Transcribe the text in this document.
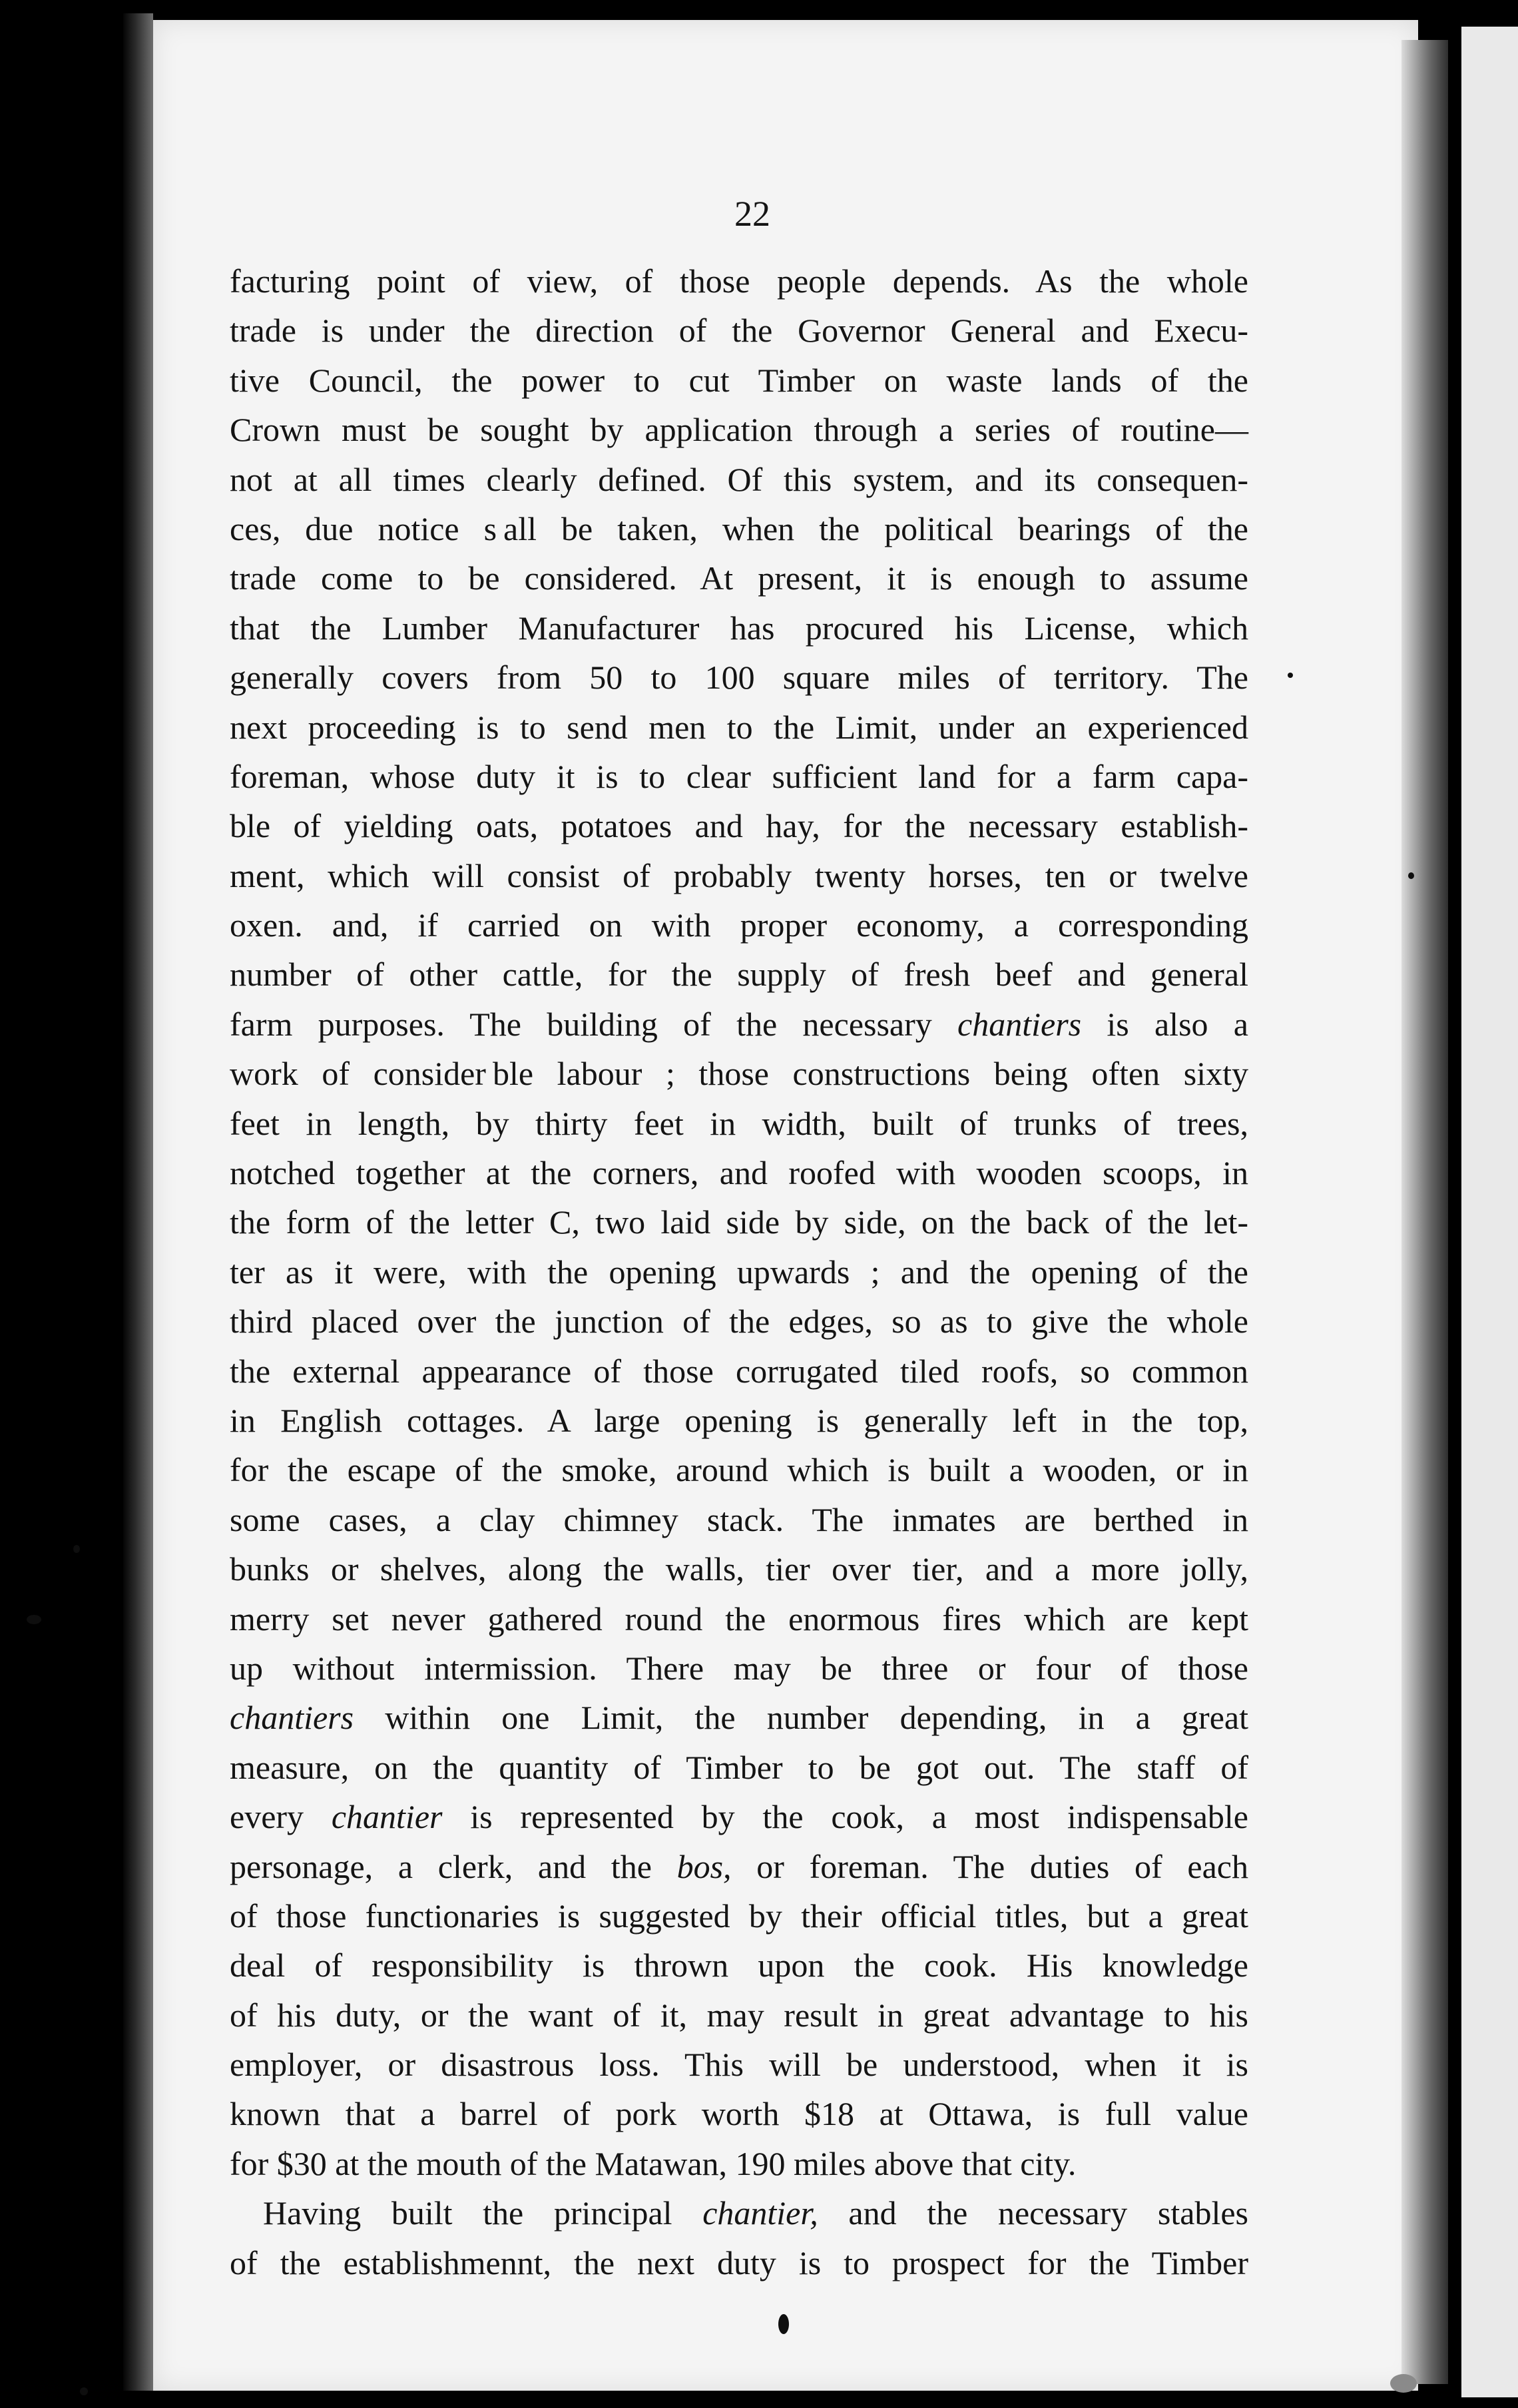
22
facturing point of view, of those people depends. As the whole
trade is under the direction of the Governor General and Execu-
tive Council, the power to cut Timber on waste lands of the
Crown must be sought by application through a series of routine—
not at all times clearly defined. Of this system, and its consequen-
ces, due notice s all be taken, when the political bearings of the
trade come to be considered. At present, it is enough to assume
that the Lumber Manufacturer has procured his License, which
generally covers from 50 to 100 square miles of territory. The
next proceeding is to send men to the Limit, under an experienced
foreman, whose duty it is to clear sufficient land for a farm capa-
ble of yielding oats, potatoes and hay, for the necessary establish-
ment, which will consist of probably twenty horses, ten or twelve
oxen. and, if carried on with proper economy, a corresponding
number of other cattle, for the supply of fresh beef and general
farm purposes. The building of the necessary chantiers is also a
work of consider ble labour ; those constructions being often sixty
feet in length, by thirty feet in width, built of trunks of trees,
notched together at the corners, and roofed with wooden scoops, in
the form of the letter C, two laid side by side, on the back of the let-
ter as it were, with the opening upwards ; and the opening of the
third placed over the junction of the edges, so as to give the whole
the external appearance of those corrugated tiled roofs, so common
in English cottages. A large opening is generally left in the top,
for the escape of the smoke, around which is built a wooden, or in
some cases, a clay chimney stack. The inmates are berthed in
bunks or shelves, along the walls, tier over tier, and a more jolly,
merry set never gathered round the enormous fires which are kept
up without intermission. There may be three or four of those
chantiers within one Limit, the number depending, in a great
measure, on the quantity of Timber to be got out. The staff of
every chantier is represented by the cook, a most indispensable
personage, a clerk, and the bos, or foreman. The duties of each
of those functionaries is suggested by their official titles, but a great
deal of responsibility is thrown upon the cook. His knowledge
of his duty, or the want of it, may result in great advantage to his
employer, or disastrous loss. This will be understood, when it is
known that a barrel of pork worth $18 at Ottawa, is full value
for $30 at the mouth of the Matawan, 190 miles above that city.
Having built the principal chantier, and the necessary stables
of the establishmennt, the next duty is to prospect for the Timber
